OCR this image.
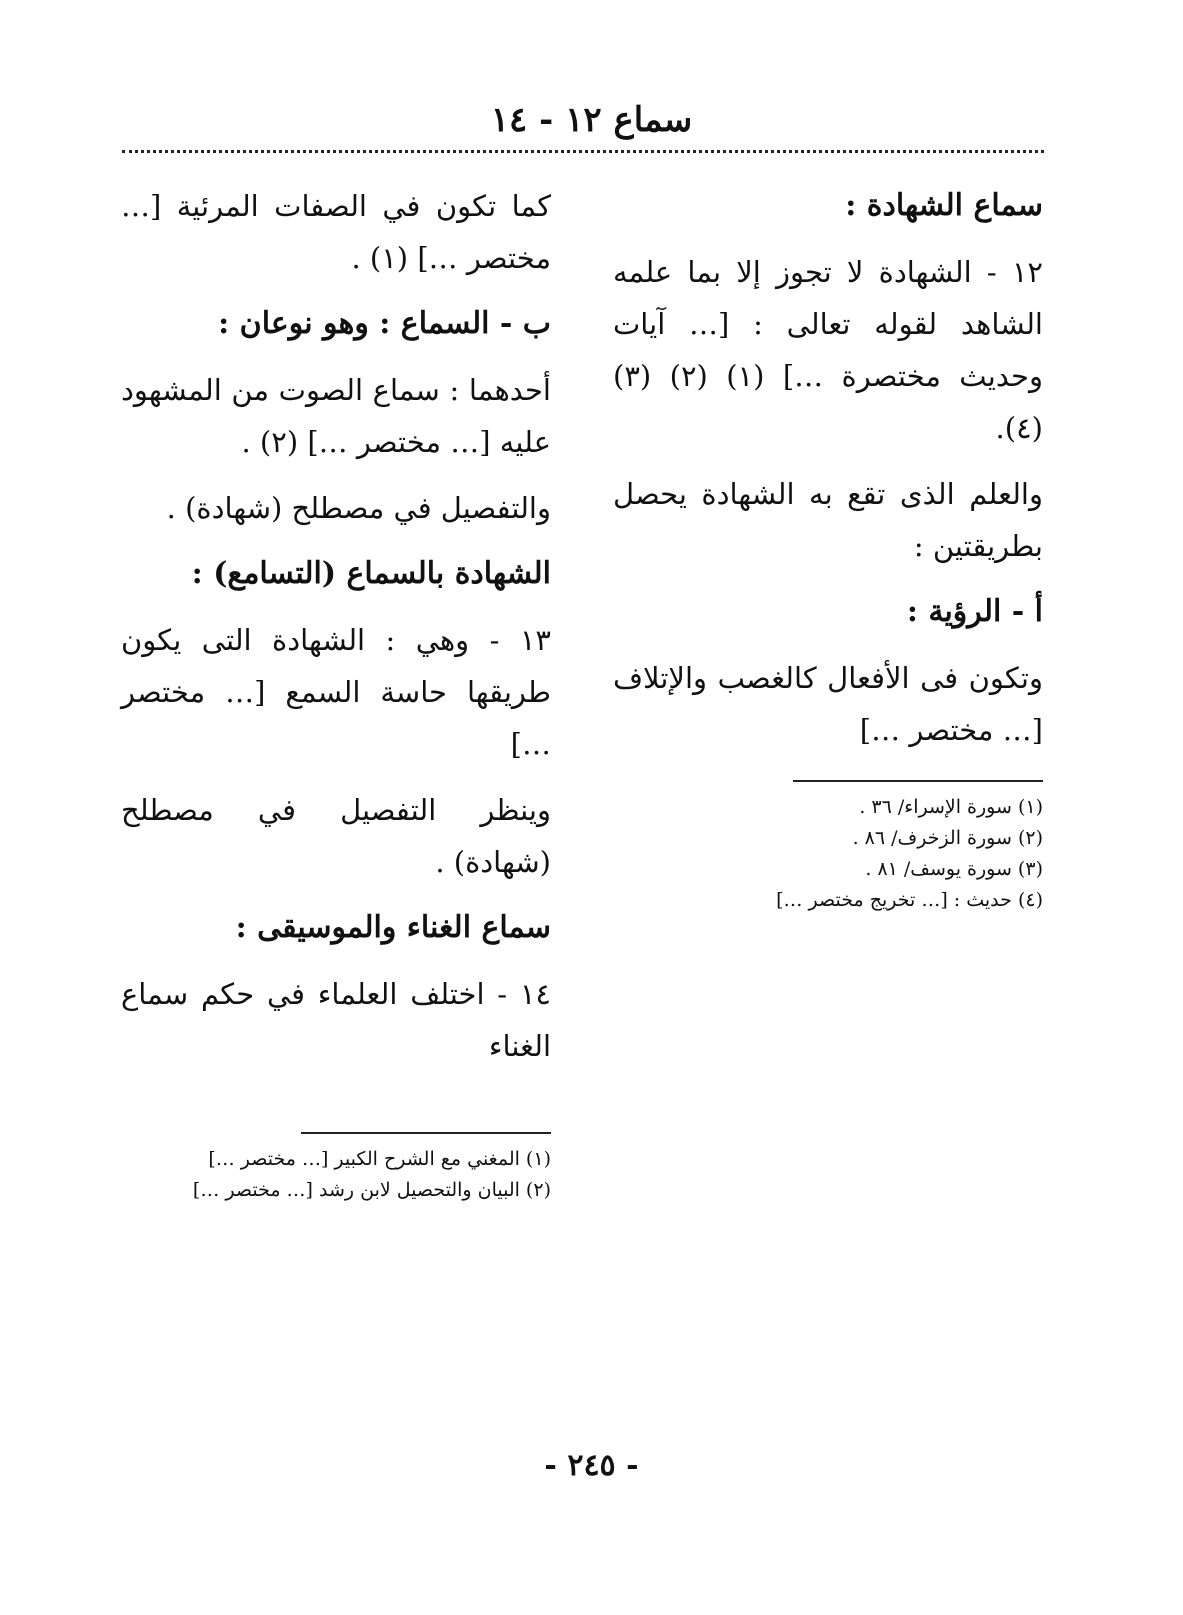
سماع ١٢ - ١٤

سماع الشهادة :

١٢ - الشهادة لا تجوز إلا بما علمه الشاهد لقوله تعالى : [… آيات وحديث مختصرة …] (١) (٢) (٣) (٤).

والعلم الذى تقع به الشهادة يحصل بطريقتين :

أ - الرؤية :

وتكون فى الأفعال كالغصب والإتلاف [… مختصر …]

(١) سورة الإسراء/ ٣٦ .

(٢) سورة الزخرف/ ٨٦ .

(٣) سورة يوسف/ ٨١ .

(٤) حديث : [… تخريج مختصر …]

كما تكون في الصفات المرئية [… مختصر …] (١) .

ب - السماع : وهو نوعان :

أحدهما : سماع الصوت من المشهود عليه [… مختصر …] (٢) .

والتفصيل في مصطلح (شهادة) .

الشهادة بالسماع (التسامع) :

١٣ - وهي : الشهادة التى يكون طريقها حاسة السمع [… مختصر …]

وينظر التفصيل في مصطلح (شهادة) .

سماع الغناء والموسيقى :

١٤ - اختلف العلماء في حكم سماع الغناء

(١) المغني مع الشرح الكبير [… مختصر …]

(٢) البيان والتحصيل لابن رشد [… مختصر …]

- ٢٤٥ -
